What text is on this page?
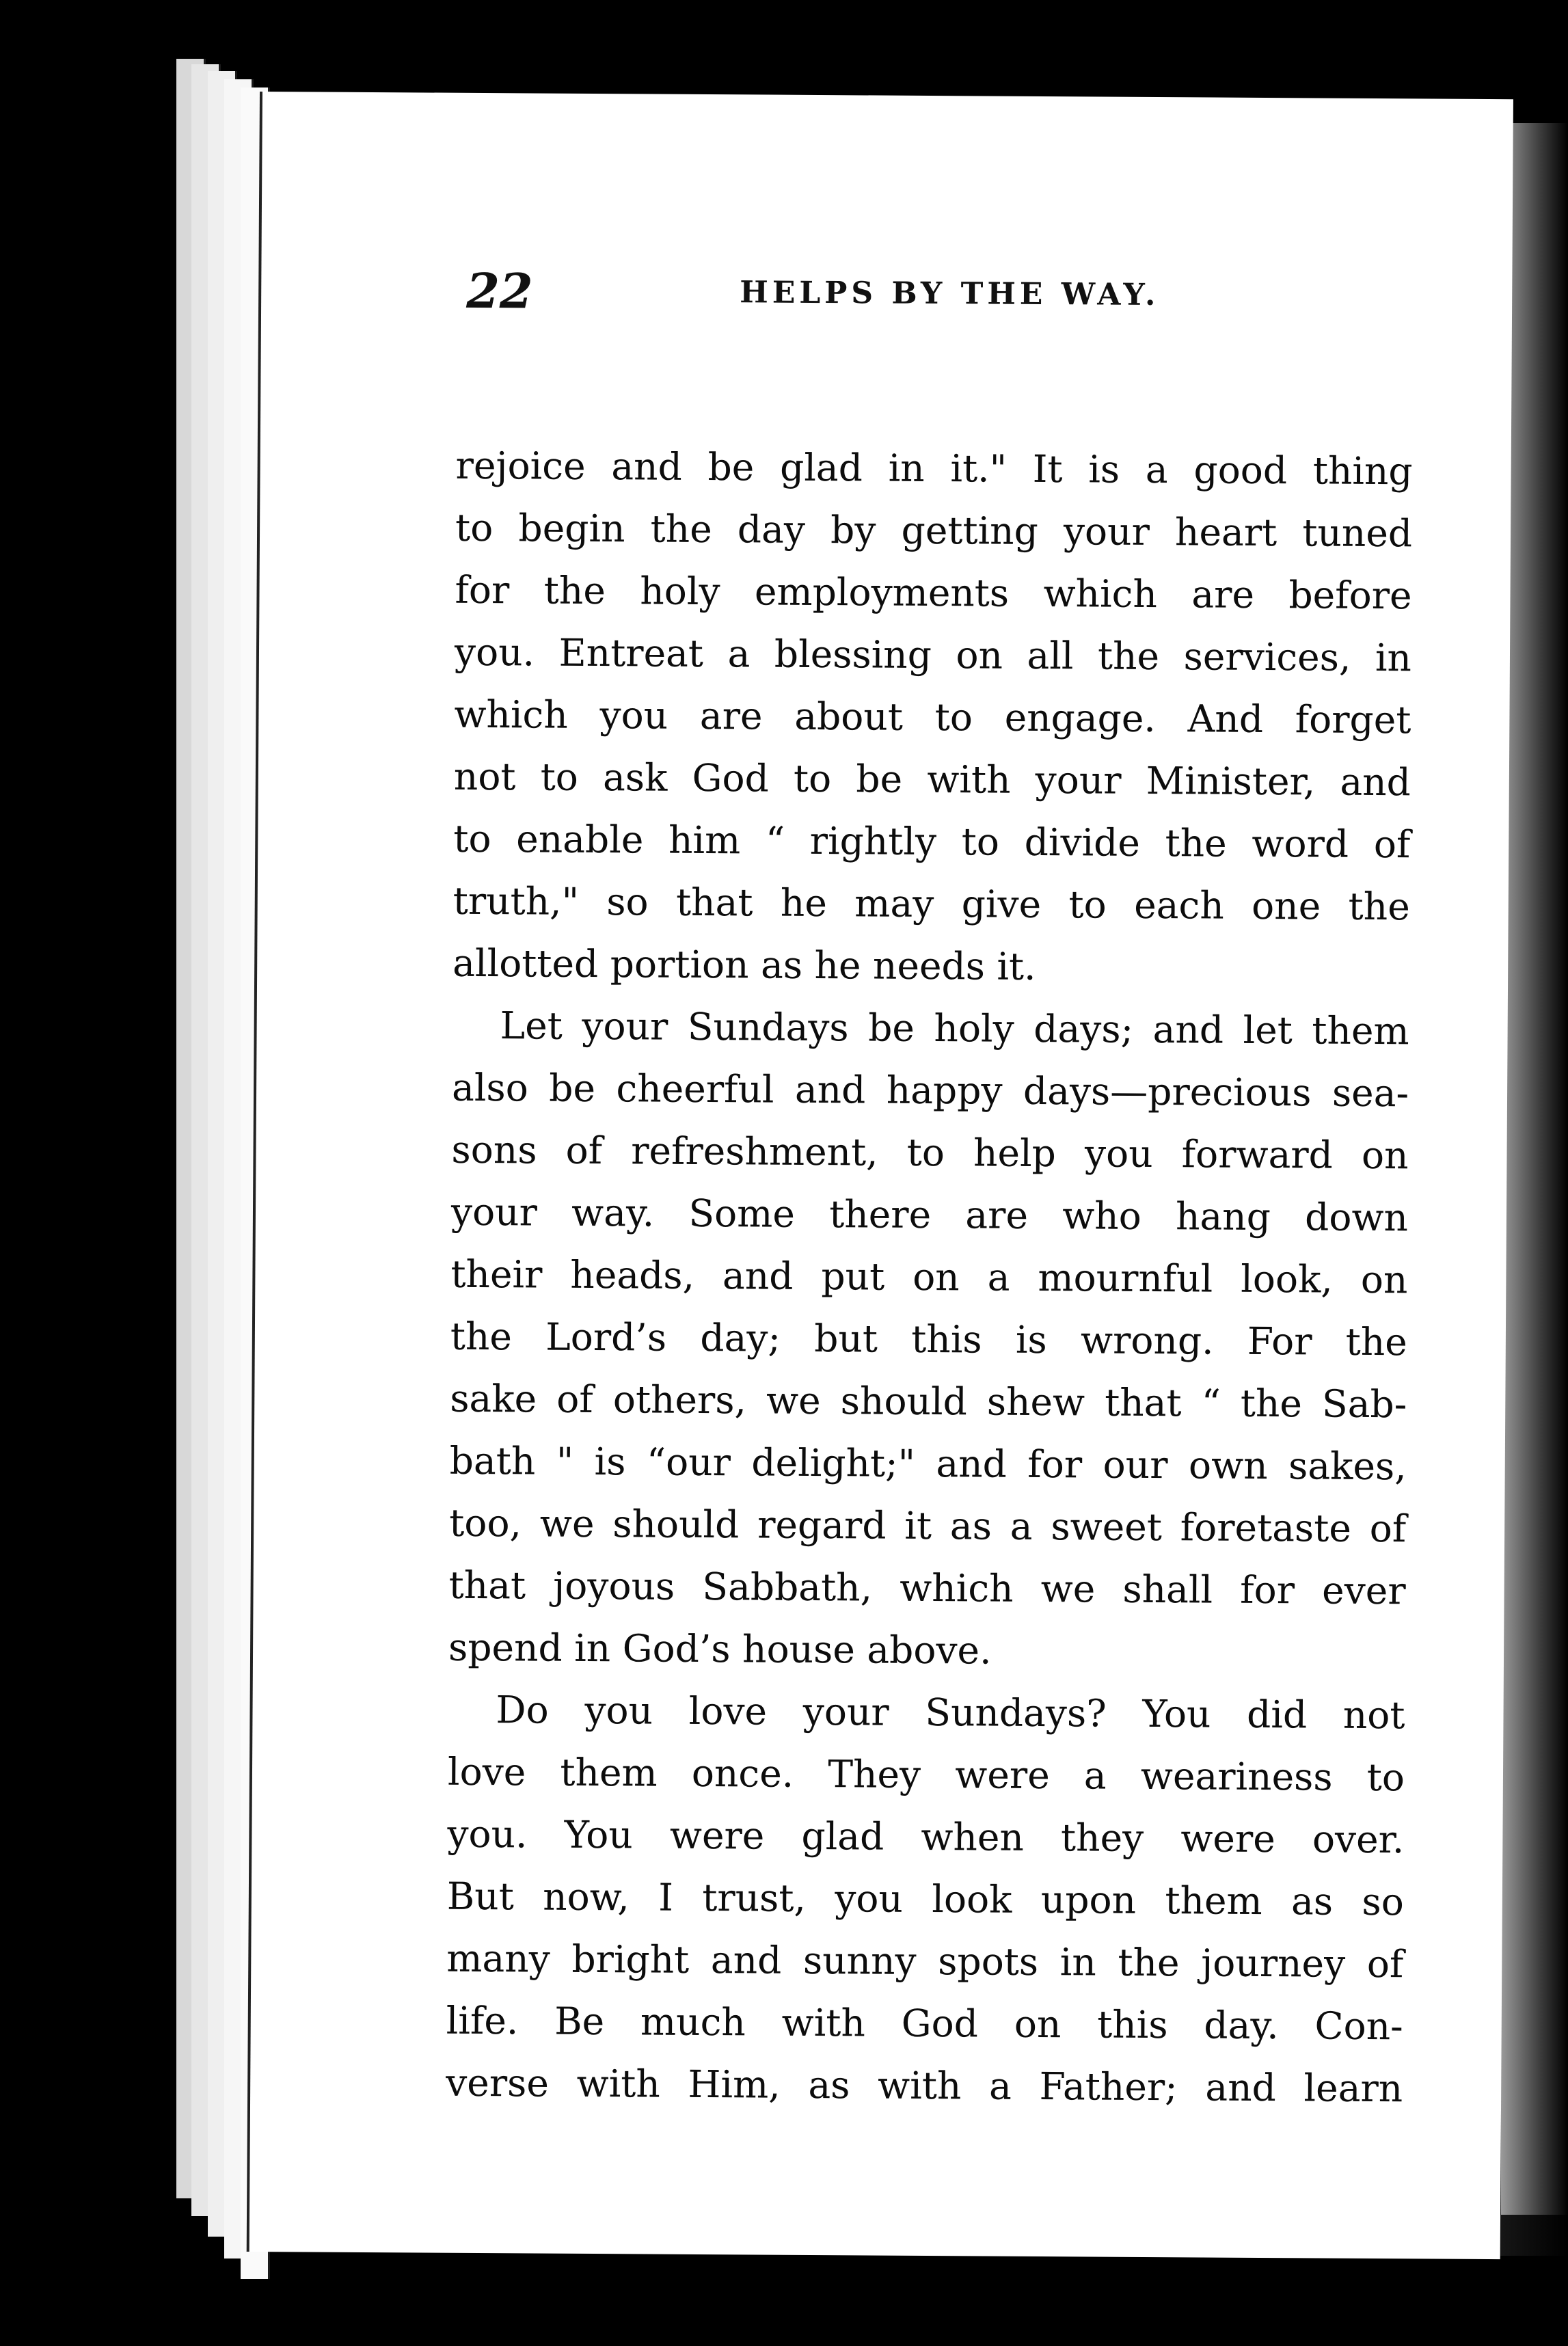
22	HELPS BY THE WAY.
rejoice and be glad in it." It is a good thing
to begin the day by getting your heart tuned
for the holy employments which are before
you. Entreat a blessing on all the services, in
which you are about to engage. And forget
not to ask God to be with your Minister, and
to enable him “ rightly to divide the word of
truth," so that he may give to each one the
allotted portion as he needs it.
Let your Sundays be holy days; and let them
also be cheerful and happy days—precious sea-
sons of refreshment, to help you forward on
your way. Some there are who hang down
their heads, and put on a mournful look, on
the Lord’s day; but this is wrong. For the
sake of others, we should shew that “ the Sab-
bath " is “our delight;" and for our own sakes,
too, we should regard it as a sweet foretaste of
that joyous Sabbath, which we shall for ever
spend in God’s house above.
Do you love your Sundays? You did not
love them once. They were a weariness to
you. You were glad when they were over.
But now, I trust, you look upon them as so
many bright and sunny spots in the journey of
life. Be much with God on this day. Con-
verse with Him, as with a Father; and learn
